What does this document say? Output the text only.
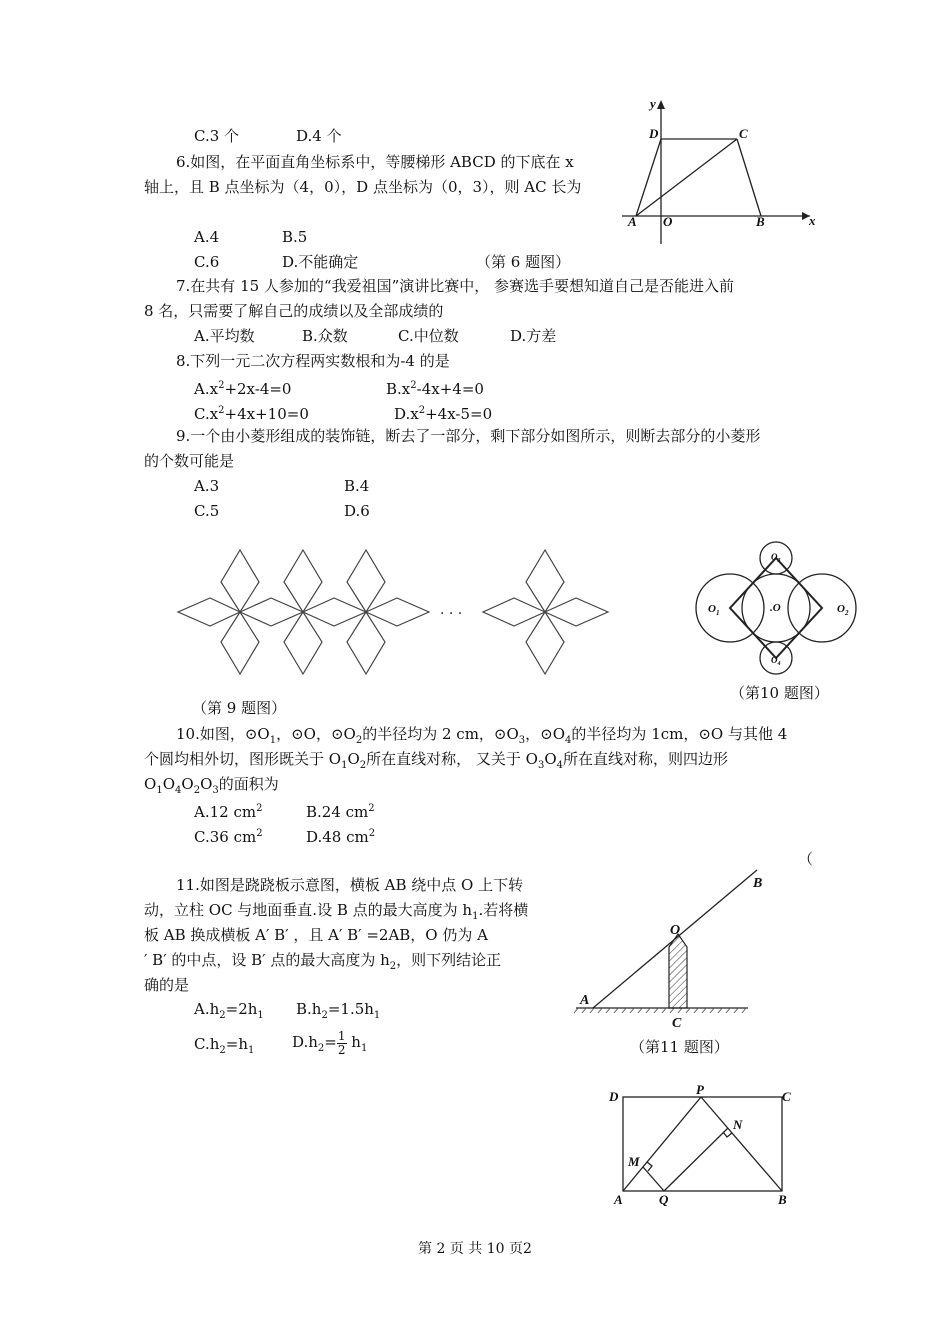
C.3 个	D.4 个
6.如图，在平面直角坐标系中，等腰梯形 ABCD 的下底在 x
轴上，且 B 点坐标为（4，0），D 点坐标为（0，3），则 AC 长为
A.4	B.5
C.6	D.不能确定	（第 6 题图）
y
D	C
A O	B	x
7.在共有 15 人参加的“我爱祖国”演讲比赛中， 参赛选手要想知道自己是否能进入前
8 名，只需要了解自己的成绩以及全部成绩的
A.平均数	B.众数	C.中位数	D.方差
8.下列一元二次方程两实数根和为-4 的是
$A.x^2+2x-4=0$	$B.x^2-4x+4=0$
$C.x^2+4x+10=0$	$D.x^2+4x-5=0$
9.一个由小菱形组成的装饰链，断去了一部分，剩下部分如图所示，则断去部分的小菱形
的个数可能是
A.3	B.4
C.5	D.6
· · ·
（第 9 题图）
.O
$O_1$	$O_2$
$O_3$
$O_4$
（第10 题图）
10.如图，$⊙O_1$，⊙O，$⊙O_2$的半径均为 2 cm，$⊙O_3$，$⊙O_4$的半径均为 1cm，⊙O 与其他 4
个圆均相外切，图形既关于 $O_1O_2$所在直线对称， 又关于 $O_3O_4$所在直线对称，则四边形
$O_1O_4O_2O_3$的面积为
A.12 $cm^2$	B.24 $cm^2$
C.36 $cm^2$	D.48 $cm^2$
（
11.如图是跷跷板示意图，横板 AB 绕中点 O 上下转
动，立柱 OC 与地面垂直.设 B 点的最大高度为 $h_1$.若将横
板 AB 换成横板 A′ B′ ，且 A′ B′ =2AB，O 仍为 A
′ B′ 的中点，设 B′ 点的最大高度为 $h_2$，则下列结论正
确的是
$A.h_2=2h_1$ $B.h_2=1.5h_1$
$C.h_2=h_1$	$D.h_2= \frac{1}{2} h_1$
A
B
O
C
（第11 题图）
D	P	C
N
M
A	Q	B
第 2 页 共 10 页2
